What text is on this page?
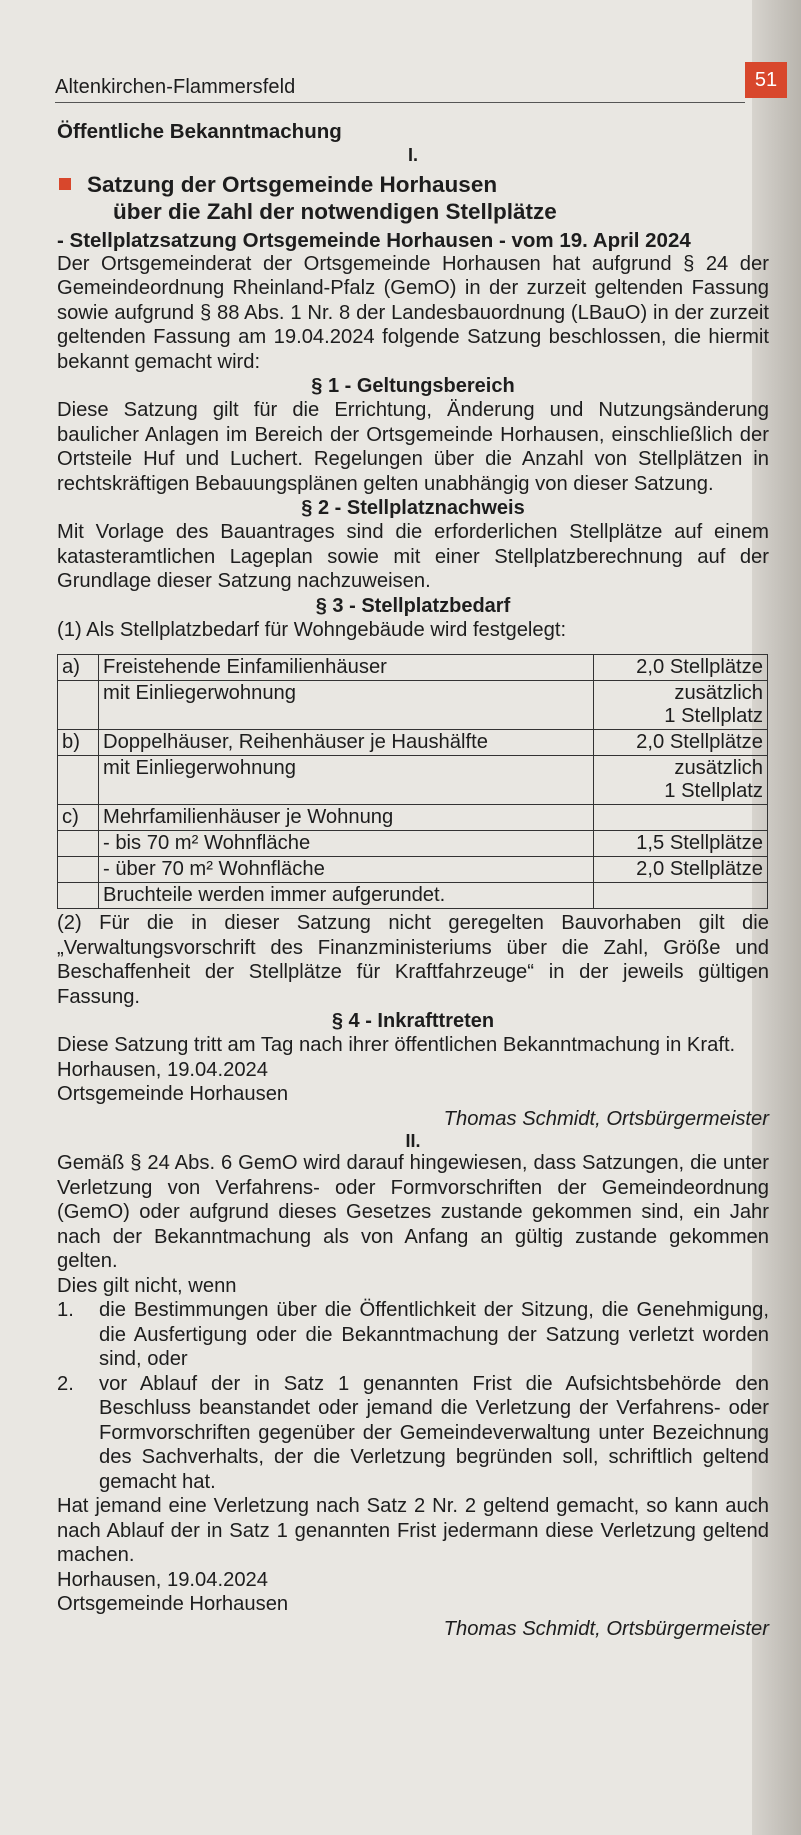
Altenkirchen-Flammersfeld	51
Öffentliche Bekanntmachung
I.
Satzung der Ortsgemeinde Horhausen
über die Zahl der notwendigen Stellplätze
- Stellplatzsatzung Ortsgemeinde Horhausen - vom 19. April 2024
Der Ortsgemeinderat der Ortsgemeinde Horhausen hat aufgrund § 24 der Gemeindeordnung Rheinland-Pfalz (GemO) in der zurzeit geltenden Fassung sowie aufgrund § 88 Abs. 1 Nr. 8 der Landesbauordnung (LBauO) in der zurzeit geltenden Fassung am 19.04.2024 folgende Satzung beschlossen, die hiermit bekannt gemacht wird:
§ 1 - Geltungsbereich
Diese Satzung gilt für die Errichtung, Änderung und Nutzungsänderung baulicher Anlagen im Bereich der Ortsgemeinde Horhausen, einschließlich der Ortsteile Huf und Luchert. Regelungen über die Anzahl von Stellplätzen in rechtskräftigen Bebauungsplänen gelten unabhängig von dieser Satzung.
§ 2 - Stellplatznachweis
Mit Vorlage des Bauantrages sind die erforderlichen Stellplätze auf einem katasteramtlichen Lageplan sowie mit einer Stellplatzberechnung auf der Grundlage dieser Satzung nachzuweisen.
§ 3 - Stellplatzbedarf
(1) Als Stellplatzbedarf für Wohngebäude wird festgelegt:
a)	Freistehende Einfamilienhäuser	2,0 Stellplätze
	mit Einliegerwohnung	zusätzlich
1 Stellplatz

b)	Doppelhäuser, Reihenhäuser je Haushälfte	2,0 Stellplätze
	mit Einliegerwohnung	zusätzlich
1 Stellplatz

c)	Mehrfamilienhäuser je Wohnung	
	- bis 70 m² Wohnfläche	1,5 Stellplätze
	- über 70 m² Wohnfläche	2,0 Stellplätze
	Bruchteile werden immer aufgerundet.	
(2) Für die in dieser Satzung nicht geregelten Bauvorhaben gilt die „Verwaltungsvorschrift des Finanzministeriums über die Zahl, Größe und Beschaffenheit der Stellplätze für Kraftfahrzeuge“ in der jeweils gültigen Fassung.
§ 4 - Inkrafttreten
Diese Satzung tritt am Tag nach ihrer öffentlichen Bekanntmachung in Kraft.
Horhausen, 19.04.2024
Ortsgemeinde Horhausen
Thomas Schmidt, Ortsbürgermeister
II.
Gemäß § 24 Abs. 6 GemO wird darauf hingewiesen, dass Satzungen, die unter Verletzung von Verfahrens- oder Formvorschriften der Gemeindeordnung (GemO) oder aufgrund dieses Gesetzes zustande gekommen sind, ein Jahr nach der Bekanntmachung als von Anfang an gültig zustande gekommen gelten.
Dies gilt nicht, wenn
1.	die Bestimmungen über die Öffentlichkeit der Sitzung, die Genehmigung, die Ausfertigung oder die Bekanntmachung der Satzung verletzt worden sind, oder
2.	vor Ablauf der in Satz 1 genannten Frist die Aufsichtsbehörde den Beschluss beanstandet oder jemand die Verletzung der Verfahrens- oder Formvorschriften gegenüber der Gemeindeverwaltung unter Bezeichnung des Sachverhalts, der die Verletzung begründen soll, schriftlich geltend gemacht hat.
Hat jemand eine Verletzung nach Satz 2 Nr. 2 geltend gemacht, so kann auch nach Ablauf der in Satz 1 genannten Frist jedermann diese Verletzung geltend machen.
Horhausen, 19.04.2024
Ortsgemeinde Horhausen
Thomas Schmidt, Ortsbürgermeister
